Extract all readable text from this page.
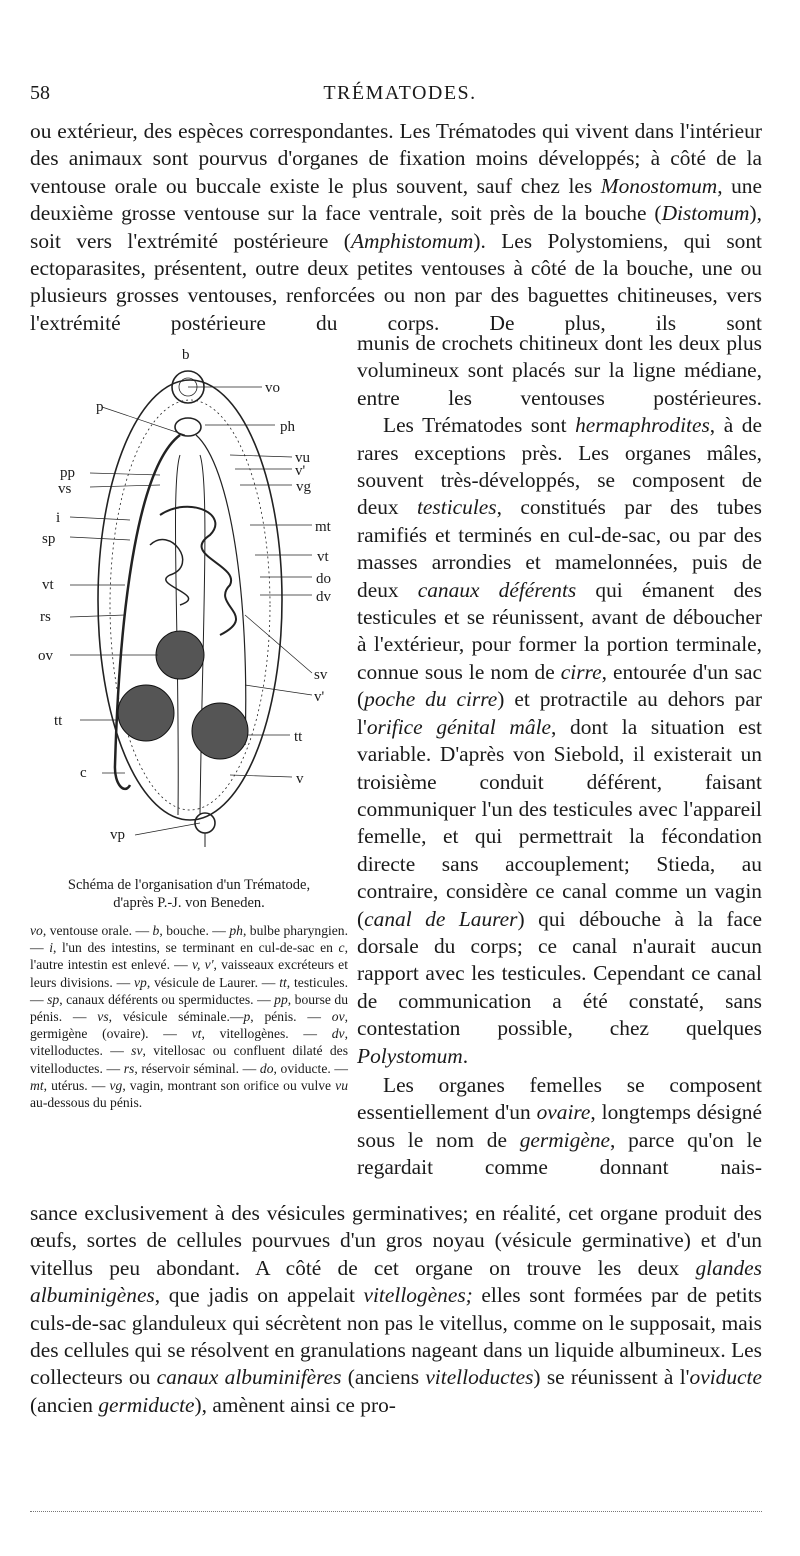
58	TRÉMATODES.

ou extérieur, des espèces correspondantes. Les Trématodes qui vivent dans l'intérieur des animaux sont pourvus d'organes de fixation moins développés; à côté de la ventouse orale ou buccale existe le plus souvent, sauf chez les Monostomum, une deuxième grosse ventouse sur la face ventrale, soit près de la bouche (Distomum), soit vers l'extrémité postérieure (Amphistomum). Les Polystomiens, qui sont ectoparasites, présentent, outre deux petites ventouses à côté de la bouche, une ou plusieurs grosses ventouses, renforcées ou non par des baguettes chitineuses, vers l'extrémité postérieure du corps. De plus, ils sont

b
vo
p
ph
vu
v'
vg
pp
vs
i
mt
sp
vt
vt	do
dv
rs
ov
sv
v'
tt
tt
c	v
vp
Schéma de l'organisation d'un Trématode,
d'après P.-J. von Beneden.

vo, ventouse orale. — b, bouche. — ph, bulbe pharyngien. — i, l'un des intestins, se terminant en cul-de-sac en c, l'autre intestin est enlevé. — v, v', vaisseaux excréteurs et leurs divisions. — vp, vésicule de Laurer. — tt, testicules. — sp, canaux déférents ou spermiductes. — pp, bourse du pénis. — vs, vésicule séminale.—p, pénis. — ov, germigène (ovaire). — vt, vitellogènes. — dv, vitelloductes. — sv, vitellosac ou confluent dilaté des vitelloductes. — rs, réservoir séminal. — do, oviducte. — mt, utérus. — vg, vagin, montrant son orifice ou vulve vu au-dessous du pénis.

munis de crochets chitineux dont les deux plus volumineux sont placés sur la ligne médiane, entre les ventouses postérieures.

Les Trématodes sont hermaphrodites, à de rares exceptions près. Les organes mâles, souvent très-développés, se composent de deux testicules, constitués par des tubes ramifiés et terminés en cul-de-sac, ou par des masses arrondies et mamelonnées, puis de deux canaux déférents qui émanent des testicules et se réunissent, avant de déboucher à l'extérieur, pour former la portion terminale, connue sous le nom de cirre, entourée d'un sac (poche du cirre) et protractile au dehors par l'orifice génital mâle, dont la situation est variable. D'après von Siebold, il existerait un troisième conduit déférent, faisant communiquer l'un des testicules avec l'appareil femelle, et qui permettrait la fécondation directe sans accouplement; Stieda, au contraire, considère ce canal comme un vagin (canal de Laurer) qui débouche à la face dorsale du corps; ce canal n'aurait aucun rapport avec les testicules. Cependant ce canal de communication a été constaté, sans contestation possible, chez quelques Polystomum.

Les organes femelles se composent essentiellement d'un ovaire, longtemps désigné sous le nom de germigène, parce qu'on le regardait comme donnant nais-

sance exclusivement à des vésicules germinatives; en réalité, cet organe produit des œufs, sortes de cellules pourvues d'un gros noyau (vésicule germinative) et d'un vitellus peu abondant. A côté de cet organe on trouve les deux glandes albuminigènes, que jadis on appelait vitellogènes; elles sont formées par de petits culs-de-sac glanduleux qui sécrètent non pas le vitellus, comme on le supposait, mais des cellules qui se résolvent en granulations nageant dans un liquide albumineux. Les collecteurs ou canaux albuminifères (anciens vitelloductes) se réunissent à l'oviducte (ancien germiducte), amènent ainsi ce pro-
